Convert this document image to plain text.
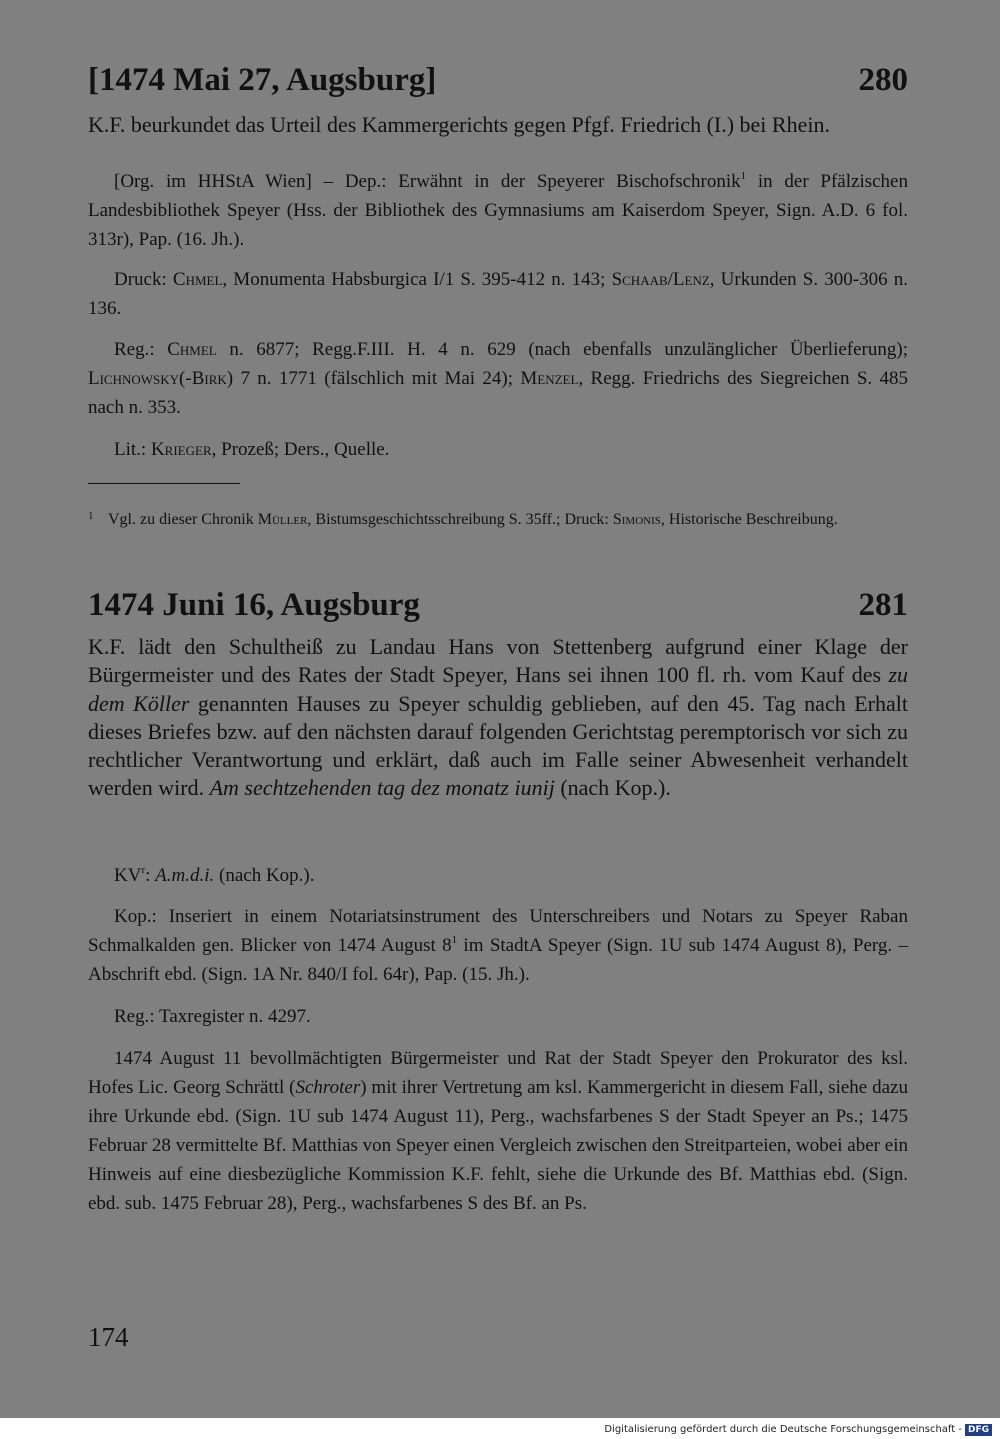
[1474 Mai 27, Augsburg]	280
K.F. beurkundet das Urteil des Kammergerichts gegen Pfgf. Friedrich (I.) bei Rhein.
[Org. im HHStA Wien] – Dep.: Erwähnt in der Speyerer Bischofschronik$^1$ in der Pfälzischen Landesbibliothek Speyer (Hss. der Bibliothek des Gymnasiums am Kaiserdom Speyer, Sign. A.D. 6 fol. 313r), Pap. (16. Jh.).
Druck: Chmel, Monumenta Habsburgica I/1 S. 395-412 n. 143; Schaab/Lenz, Urkunden S. 300-306 n. 136.
Reg.: Chmel n. 6877; Regg.F.III. H. 4 n. 629 (nach ebenfalls unzulänglicher Überlieferung); Lichnowsky(-Birk) 7 n. 1771 (fälschlich mit Mai 24); Menzel, Regg. Friedrichs des Siegreichen S. 485 nach n. 353.
Lit.: Krieger, Prozeß; Ders., Quelle.
1 Vgl. zu dieser Chronik Müller, Bistumsgeschichtsschreibung S. 35ff.; Druck: Simonis, Historische Beschreibung.
1474 Juni 16, Augsburg	281
K.F. lädt den Schultheiß zu Landau Hans von Stettenberg aufgrund einer Klage der Bürgermeister und des Rates der Stadt Speyer, Hans sei ihnen 100 fl. rh. vom Kauf des zu dem Köller genannten Hauses zu Speyer schuldig geblieben, auf den 45. Tag nach Erhalt dieses Briefes bzw. auf den nächsten darauf folgenden Gerichtstag peremptorisch vor sich zu rechtlicher Verantwortung und erklärt, daß auch im Falle seiner Abwesenheit verhandelt werden wird. Am sechtzehenden tag dez monatz iunij (nach Kop.).
$KV^r$: A.m.d.i. (nach Kop.).
Kop.: Inseriert in einem Notariatsinstrument des Unterschreibers und Notars zu Speyer Raban Schmalkalden gen. Blicker von 1474 August $8^1$ im StadtA Speyer (Sign. 1U sub 1474 August 8), Perg. – Abschrift ebd. (Sign. 1A Nr. 840/I fol. 64r), Pap. (15. Jh.).
Reg.: Taxregister n. 4297.
1474 August 11 bevollmächtigten Bürgermeister und Rat der Stadt Speyer den Prokurator des ksl. Hofes Lic. Georg Schrättl (Schroter) mit ihrer Vertretung am ksl. Kammergericht in diesem Fall, siehe dazu ihre Urkunde ebd. (Sign. 1U sub 1474 August 11), Perg., wachsfarbenes S der Stadt Speyer an Ps.; 1475 Februar 28 vermittelte Bf. Matthias von Speyer einen Vergleich zwischen den Streitparteien, wobei aber ein Hinweis auf eine diesbezügliche Kommission K.F. fehlt, siehe die Urkunde des Bf. Matthias ebd. (Sign. ebd. sub. 1475 Februar 28), Perg., wachsfarbenes S des Bf. an Ps.
174
Digitalisierung gefördert durch die Deutsche Forschungsgemeinschaft - DFG
